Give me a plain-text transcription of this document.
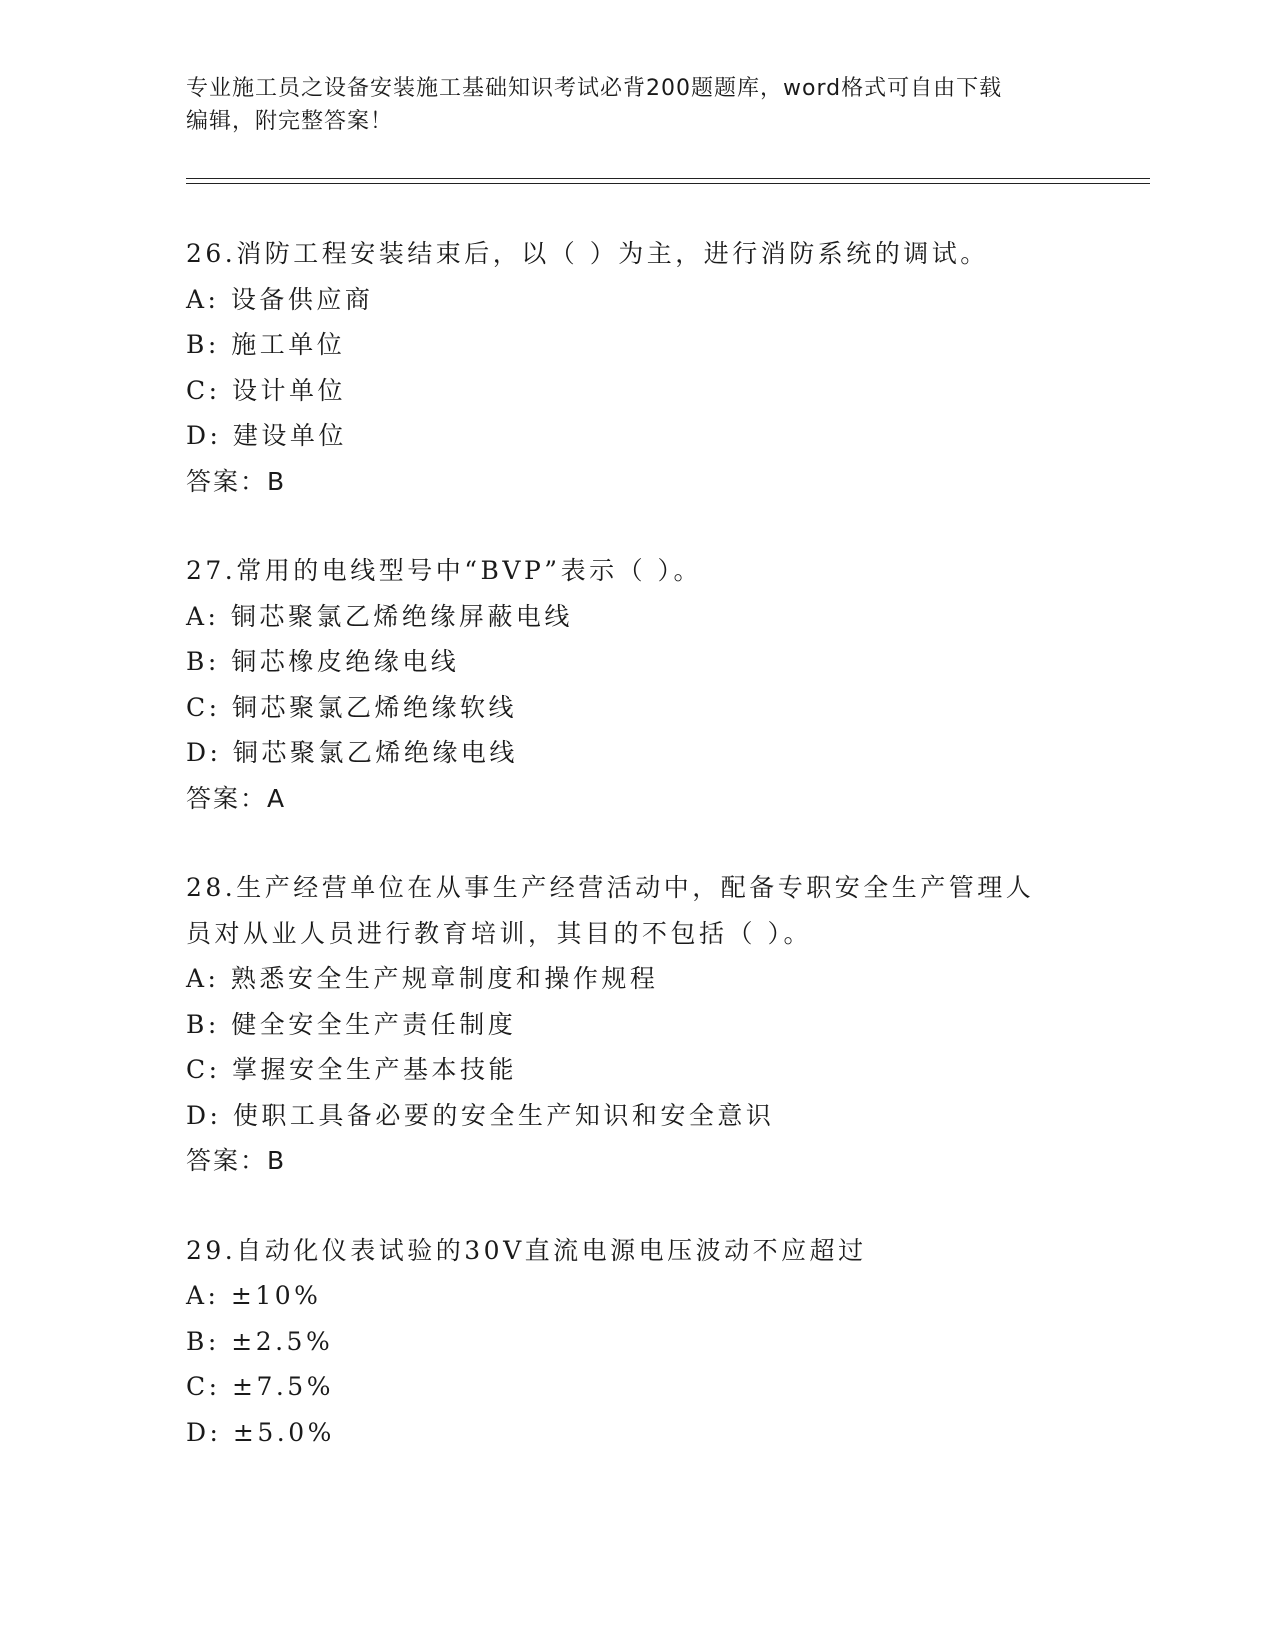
专业施工员之设备安装施工基础知识考试必背200题题库，word格式可自由下载
编辑，附完整答案！
26.消防工程安装结束后，以（ ）为主，进行消防系统的调试。
A: 设备供应商
B: 施工单位
C: 设计单位
D: 建设单位
答案：B
27.常用的电线型号中“BVP”表示（ ）。
A: 铜芯聚氯乙烯绝缘屏蔽电线
B: 铜芯橡皮绝缘电线
C: 铜芯聚氯乙烯绝缘软线
D: 铜芯聚氯乙烯绝缘电线
答案：A
28.生产经营单位在从事生产经营活动中，配备专职安全生产管理人员对从业人员进行教育培训，其目的不包括（ ）。
A: 熟悉安全生产规章制度和操作规程
B: 健全安全生产责任制度
C: 掌握安全生产基本技能
D: 使职工具备必要的安全生产知识和安全意识
答案：B
29.自动化仪表试验的30V直流电源电压波动不应超过
A: ±10%
B: ±2.5%
C: ±7.5%
D: ±5.0%
